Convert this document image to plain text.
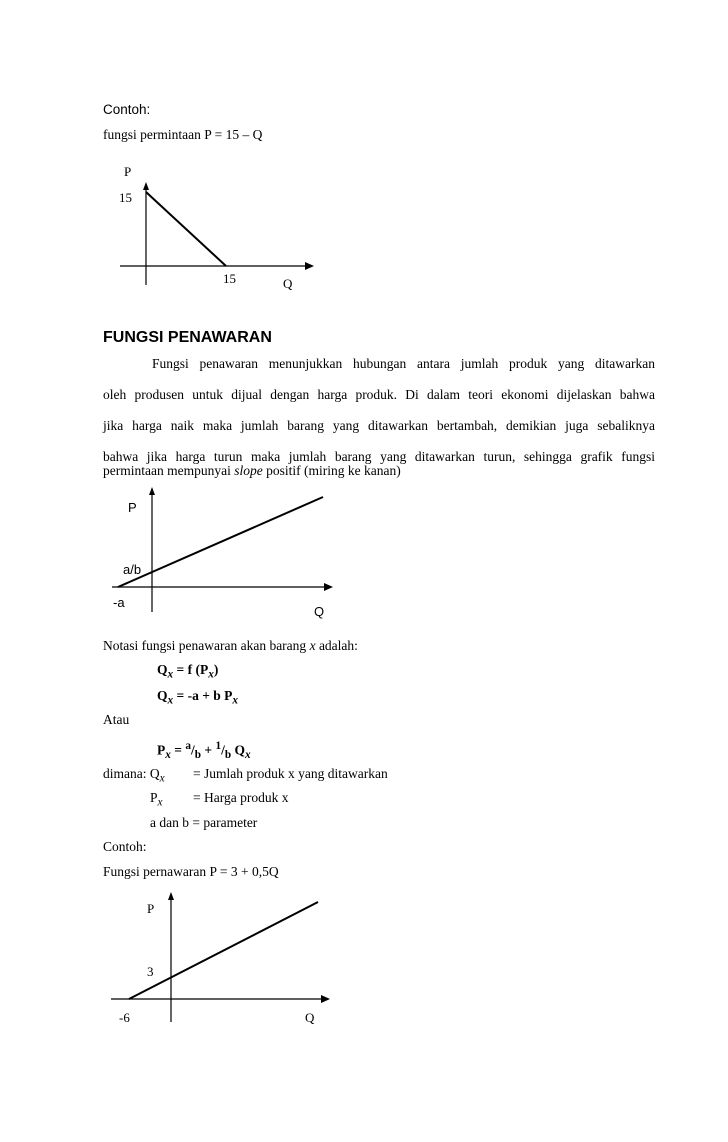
Contoh:
fungsi permintaan P = 15 – Q
P
15
15	Q
FUNGSI PENAWARAN
Fungsi penawaran menunjukkan hubungan antara jumlah produk yang ditawarkan
oleh produsen untuk dijual dengan harga produk. Di dalam teori ekonomi dijelaskan bahwa
jika harga naik maka jumlah barang yang ditawarkan bertambah, demikian juga sebaliknya
bahwa jika harga turun maka jumlah barang yang ditawarkan turun, sehingga grafik fungsi
permintaan mempunyai slope positif (miring ke kanan)
P
a/b
-a
Q
Notasi fungsi penawaran akan barang x adalah:
$Q_x = f$ $(P_x)$
$Q_x = -a + b$ $P_x$
Atau
$P_x = ^a/_b + ^1/_b$ $Q_x$
dimana: $Q_x$ = Jumlah produk x yang ditawarkan
$P_x$ = Harga produk x
a dan b = parameter
Contoh:
Fungsi pernawaran P = 3 + 0,5Q
P
3
-6	Q
